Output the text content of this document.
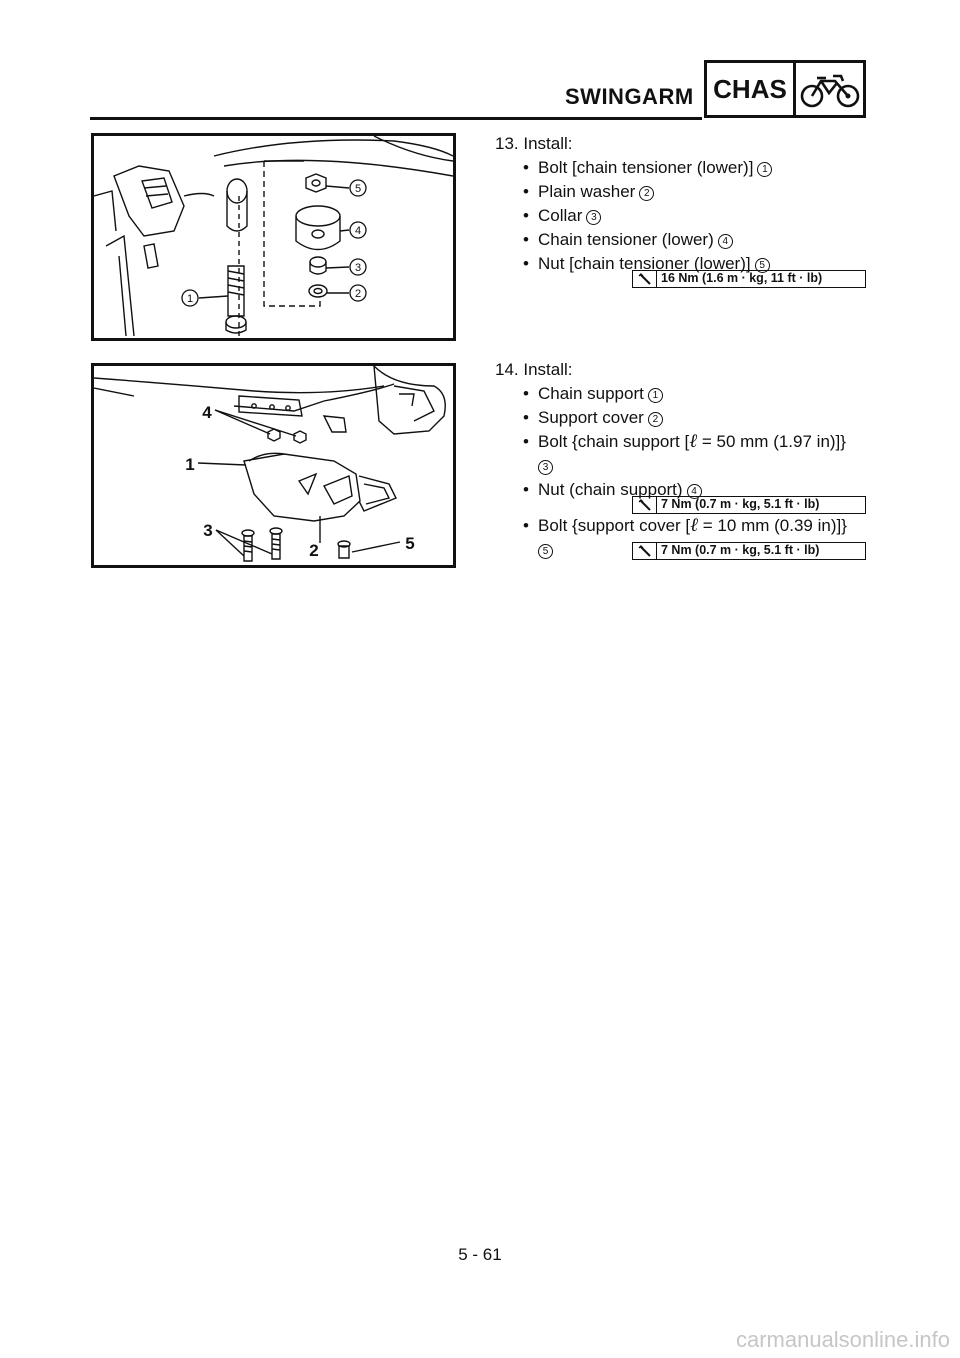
SWINGARM CHAS
1	2
3
4
5
4
1
3
2	5

13. Install:

• Bolt [chain tensioner (lower)] 1
• Plain washer 2
• Collar 3
• Chain tensioner (lower) 4
• Nut [chain tensioner (lower)] 5
16 Nm (1.6 m · kg, 11 ft · lb)

14. Install:

• Chain support 1
• Support cover 2
• Bolt {chain support [ℓ = 50 mm (1.97 in)]}
3
• Nut (chain support) 4
7 Nm (0.7 m · kg, 5.1 ft · lb)
• Bolt {support cover [ℓ = 10 mm (0.39 in)]}
5	7 Nm (0.7 m · kg, 5.1 ft · lb)
5 - 61
carmanualsonline.info
